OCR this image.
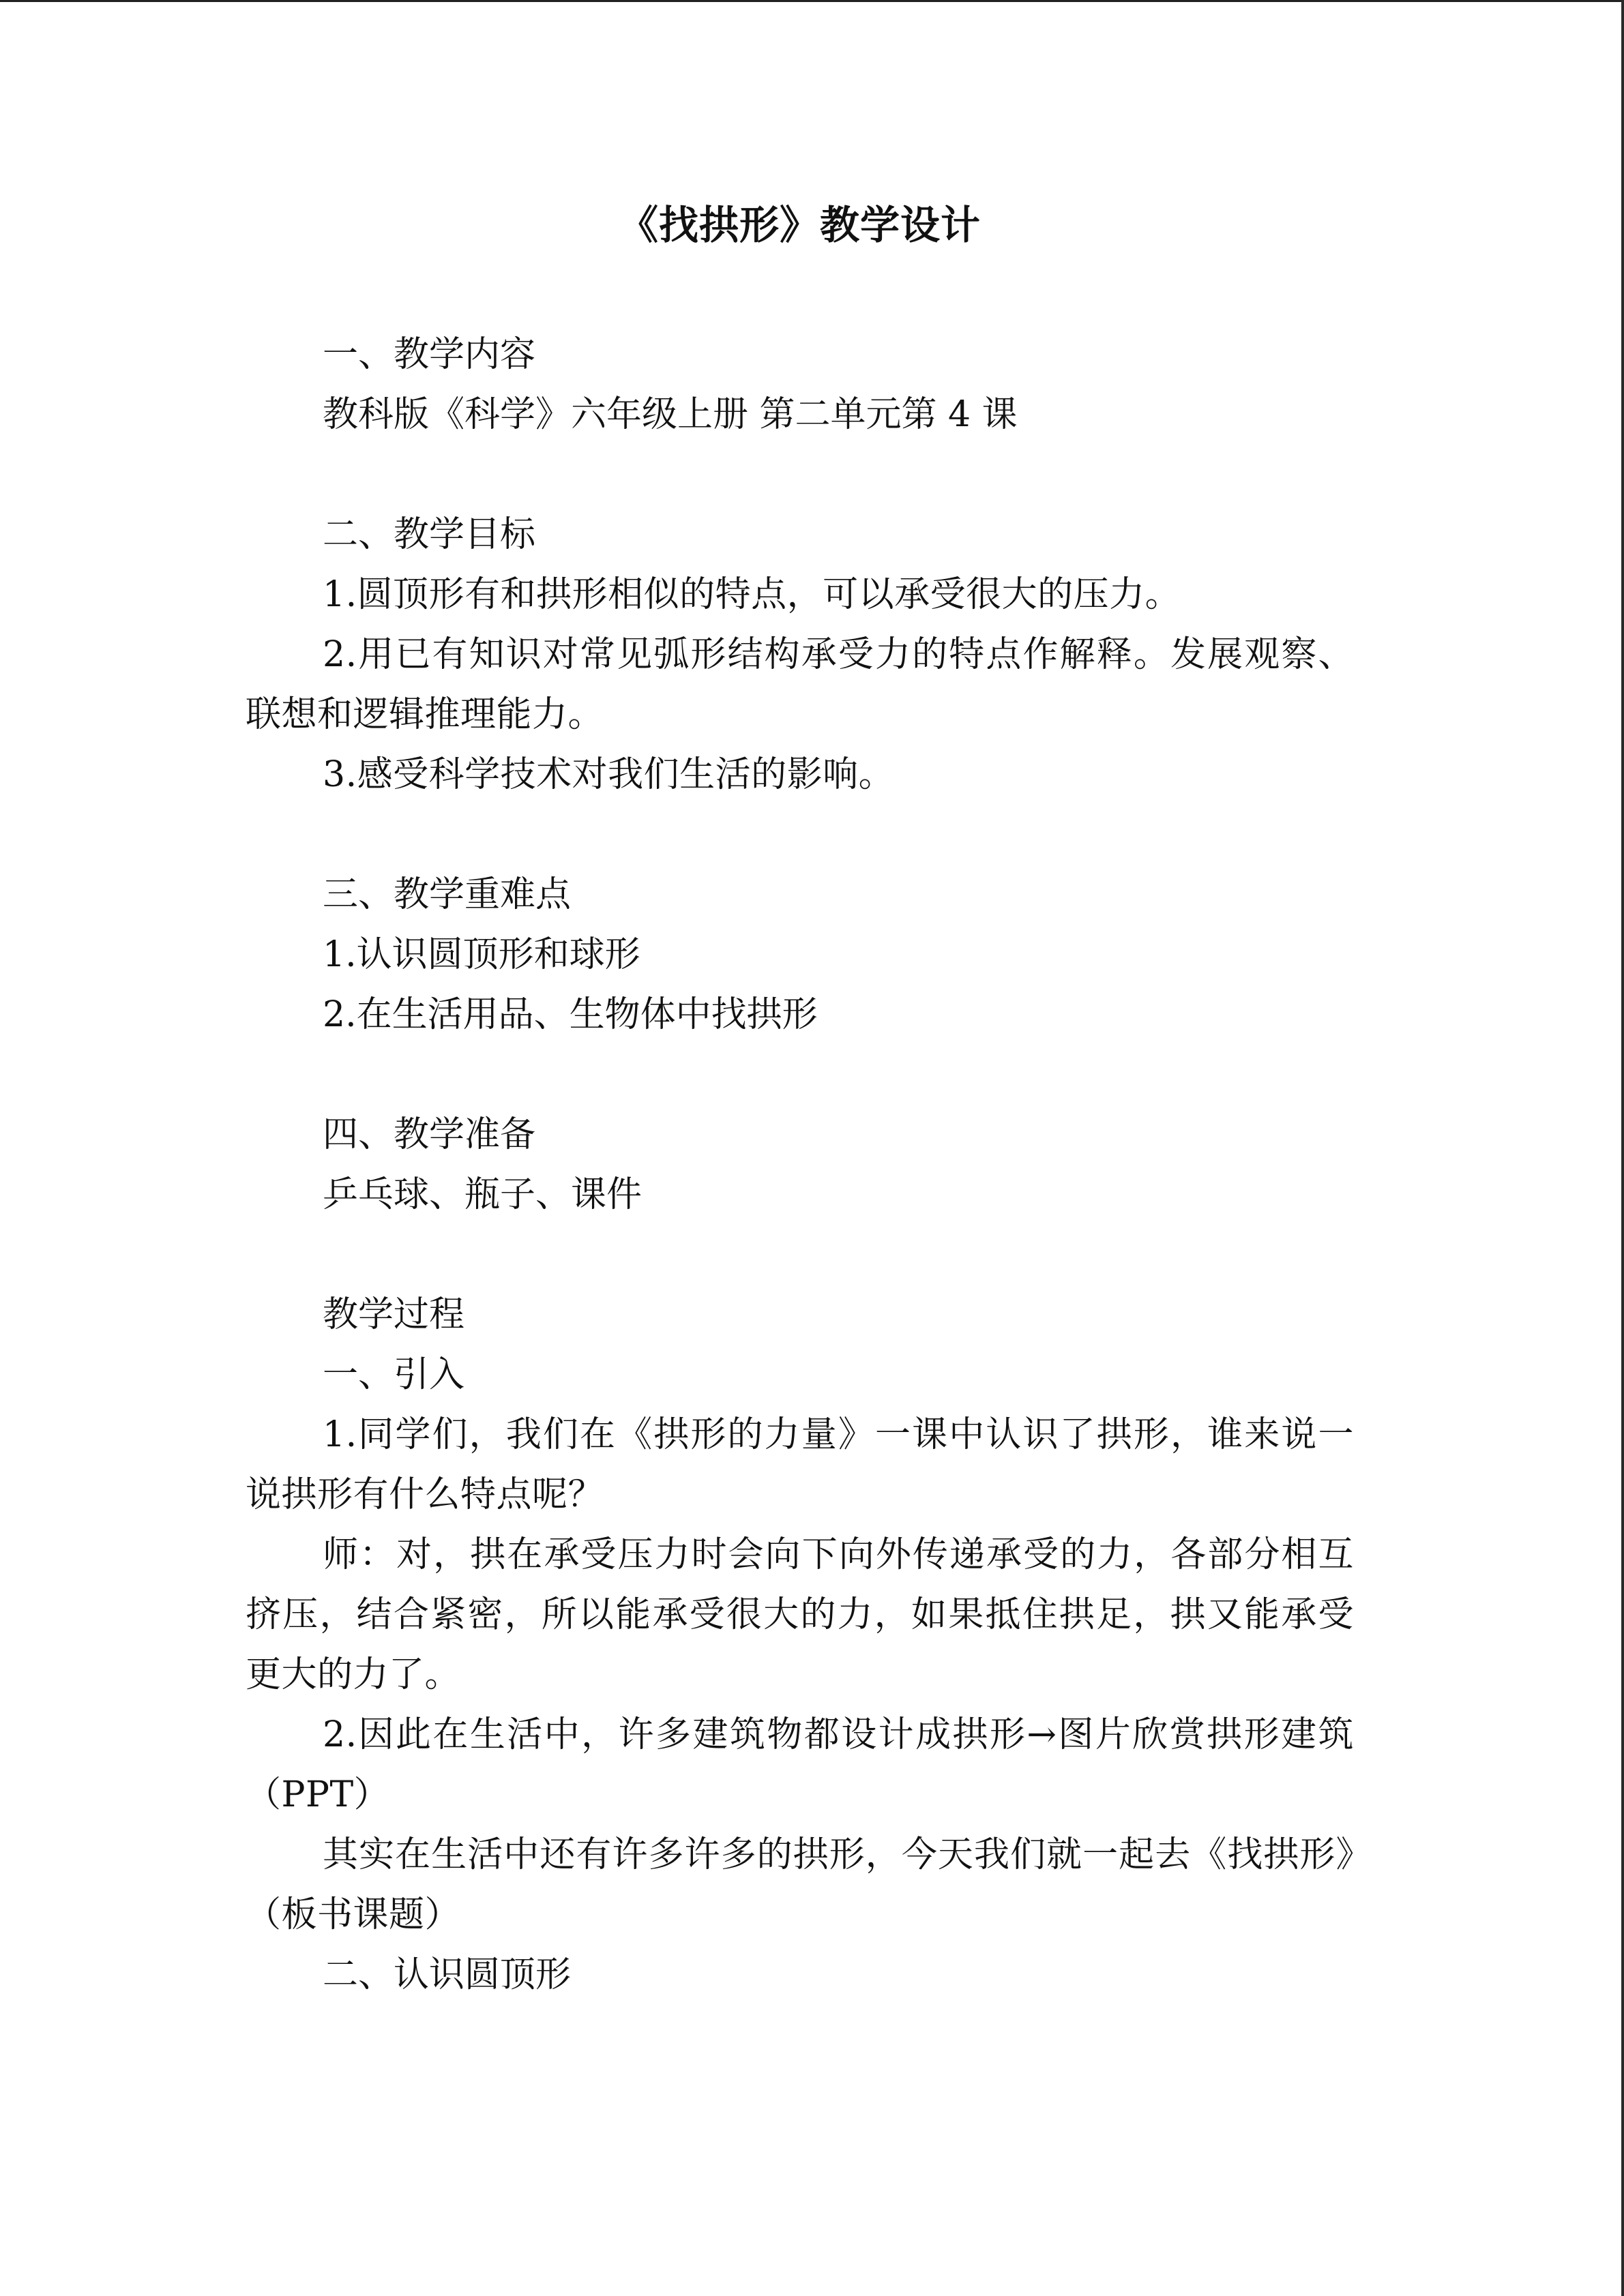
《找拱形》教学设计

一、教学内容

教科版《科学》六年级上册 第二单元第 4 课

二、教学目标

1.圆顶形有和拱形相似的特点，可以承受很大的压力。

2.用已有知识对常见弧形结构承受力的特点作解释。发展观察、联想和逻辑推理能力。

3.感受科学技术对我们生活的影响。

三、教学重难点

1.认识圆顶形和球形

2.在生活用品、生物体中找拱形

四、教学准备

乒乓球、瓶子、课件

教学过程

一、引入

1.同学们，我们在《拱形的力量》一课中认识了拱形，谁来说一说拱形有什么特点呢？

师：对，拱在承受压力时会向下向外传递承受的力，各部分相互挤压，结合紧密，所以能承受很大的力，如果抵住拱足，拱又能承受更大的力了。

2.因此在生活中，许多建筑物都设计成拱形→图片欣赏拱形建筑（PPT）

其实在生活中还有许多许多的拱形，今天我们就一起去《找拱形》（板书课题）

二、认识圆顶形
